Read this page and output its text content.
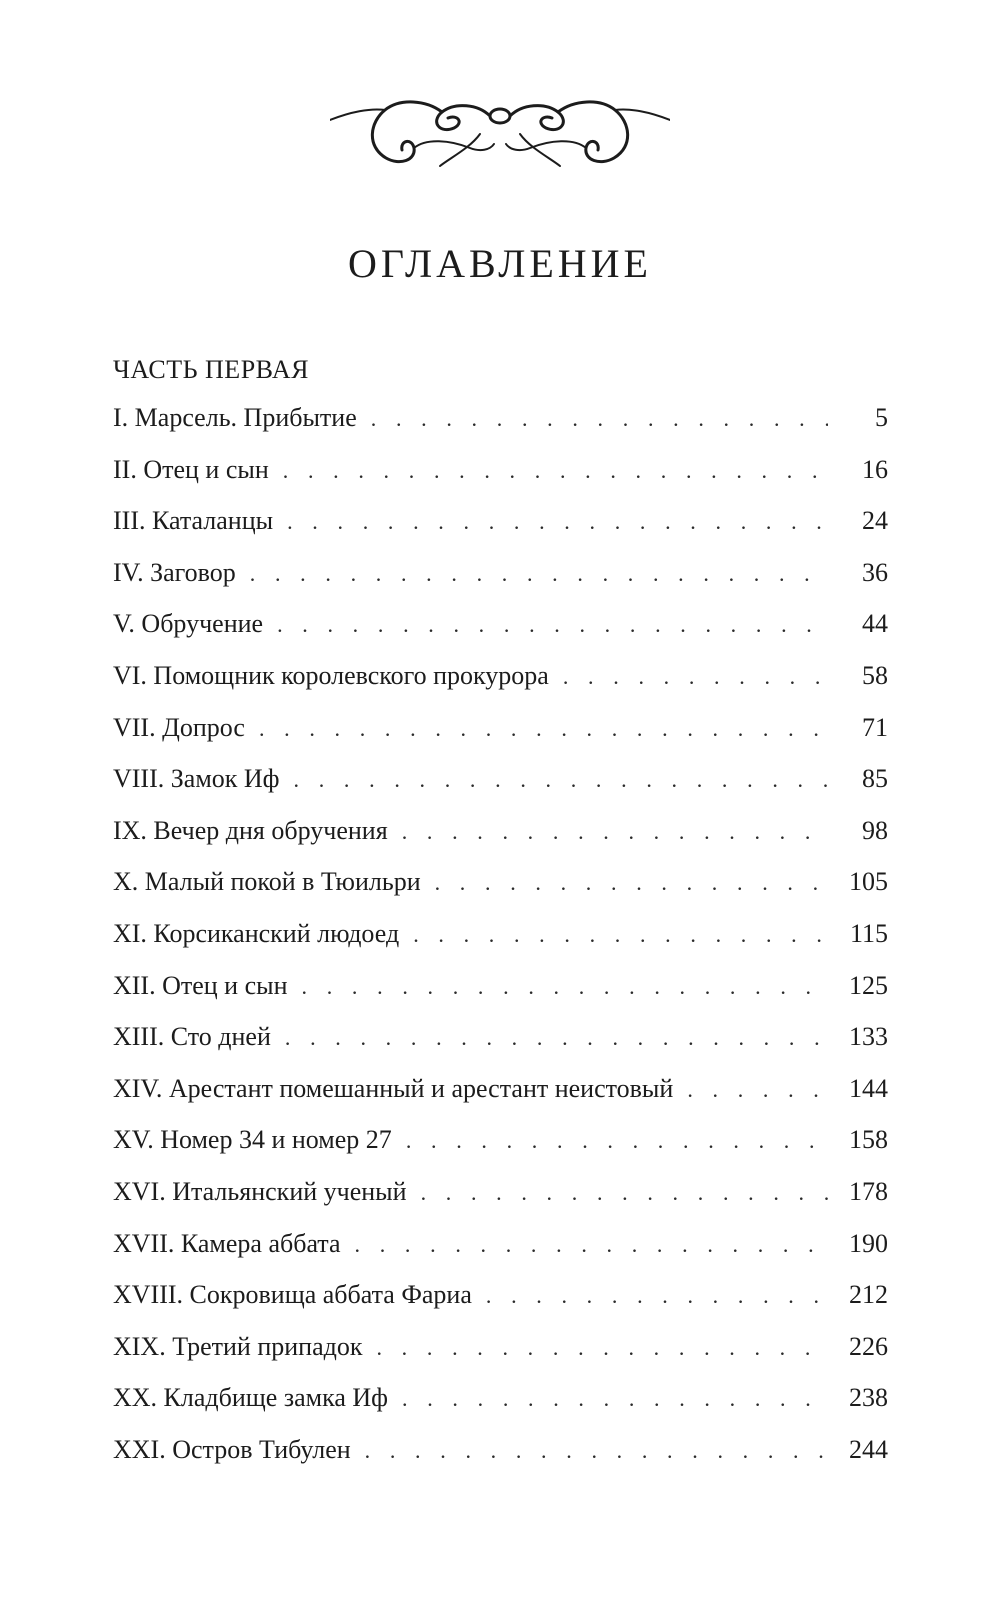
ОГЛАВЛЕНИЕ
ЧАСТЬ ПЕРВАЯ
I. Марсель. Прибытие . . .	5
II. Отец и сын . . .	16
III. Каталанцы . . .	24
IV. Заговор . . .	36
V. Обручение . . .	44
VI. Помощник королевского прокурора . . .	58
VII. Допрос . . .	71
VIII. Замок Иф . . .	85
IX. Вечер дня обручения . . .	98
X. Малый покой в Тюильри . . .	105
XI. Корсиканский людоед . . .	115
XII. Отец и сын . . .	125
XIII. Сто дней . . .	133
XIV. Арестант помешанный и арестант неистовый . . .	144
XV. Номер 34 и номер 27 . . .	158
XVI. Итальянский ученый . . .	178
XVII. Камера аббата . . .	190
XVIII. Сокровища аббата Фариа . . .	212
XIX. Третий припадок . . .	226
XX. Кладбище замка Иф . . .	238
XXI. Остров Тибулен . . .	244
